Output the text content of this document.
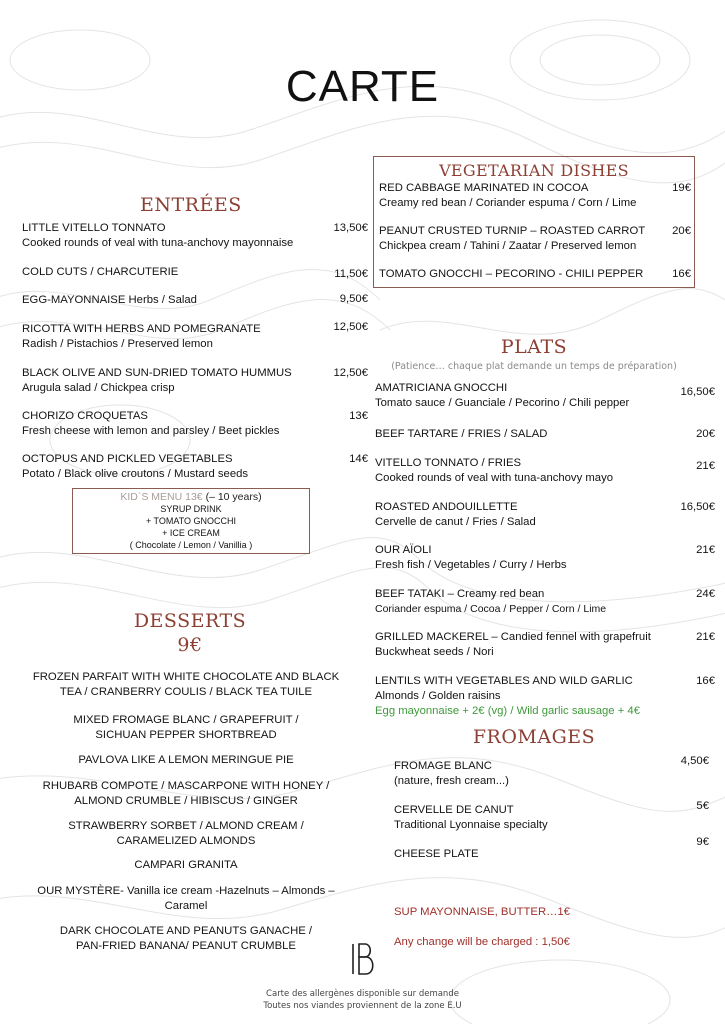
CARTE
ENTRÉES
LITTLE VITELLO TONNATO
Cooked rounds of veal with tuna-anchovy mayonnaise
13,50€
COLD CUTS / CHARCUTERIE	11,50€
EGG-MAYONNAISE Herbs / Salad	9,50€
RICOTTA WITH HERBS AND POMEGRANATE
Radish / Pistachios / Preserved lemon
12,50€
BLACK OLIVE AND SUN-DRIED TOMATO HUMMUS
Arugula salad / Chickpea crisp
12,50€
CHORIZO CROQUETAS
Fresh cheese with lemon and parsley / Beet pickles
13€
OCTOPUS AND PICKLED VEGETABLES
Potato / Black olive croutons / Mustard seeds
14€
KID`S MENU 13€ (– 10 years)
SYRUP DRINK
+ TOMATO GNOCCHI
+ ICE CREAM
( Chocolate / Lemon / Vanillia )
DESSERTS
9€
FROZEN PARFAIT WITH WHITE CHOCOLATE AND BLACK
TEA / CRANBERRY COULIS / BLACK TEA TUILE
MIXED FROMAGE BLANC / GRAPEFRUIT /
SICHUAN PEPPER SHORTBREAD
PAVLOVA LIKE A LEMON MERINGUE PIE
RHUBARB COMPOTE / MASCARPONE WITH HONEY /
ALMOND CRUMBLE / HIBISCUS / GINGER
STRAWBERRY SORBET / ALMOND CREAM /
CARAMELIZED ALMONDS
CAMPARI GRANITA
OUR MYSTÈRE- Vanilla ice cream -Hazelnuts – Almonds –
Caramel
DARK CHOCOLATE AND PEANUTS GANACHE /
PAN-FRIED BANANA/ PEANUT CRUMBLE
VEGETARIAN DISHES
RED CABBAGE MARINATED IN COCOA
Creamy red bean / Coriander espuma / Corn / Lime
19€
PEANUT CRUSTED TURNIP – ROASTED CARROT
Chickpea cream / Tahini / Zaatar / Preserved lemon
20€
TOMATO GNOCCHI – PECORINO - CHILI PEPPER	16€
PLATS
(Patience… chaque plat demande un temps de préparation)
AMATRICIANA GNOCCHI
Tomato sauce / Guanciale / Pecorino / Chili pepper
16,50€
BEEF TARTARE / FRIES / SALAD	20€
VITELLO TONNATO / FRIES
Cooked rounds of veal with tuna-anchovy mayo
21€
ROASTED ANDOUILLETTE
Cervelle de canut / Fries / Salad
16,50€
OUR AÏOLI
Fresh fish / Vegetables / Curry / Herbs
21€
BEEF TATAKI – Creamy red bean
Coriander espuma / Cocoa / Pepper / Corn / Lime
24€
GRILLED MACKEREL – Candied fennel with grapefruit
Buckwheat seeds / Nori
21€
LENTILS WITH VEGETABLES AND WILD GARLIC
Almonds / Golden raisins
Egg mayonnaise + 2€ (vg) / Wild garlic sausage + 4€
16€
FROMAGES
FROMAGE BLANC
(nature, fresh cream...)
4,50€
CERVELLE DE CANUT
Traditional Lyonnaise specialty
5€
CHEESE PLATE
9€
SUP MAYONNAISE, BUTTER…1€
Any change will be charged : 1,50€
Carte des allergènes disponible sur demande
Toutes nos viandes proviennent de la zone E.U
